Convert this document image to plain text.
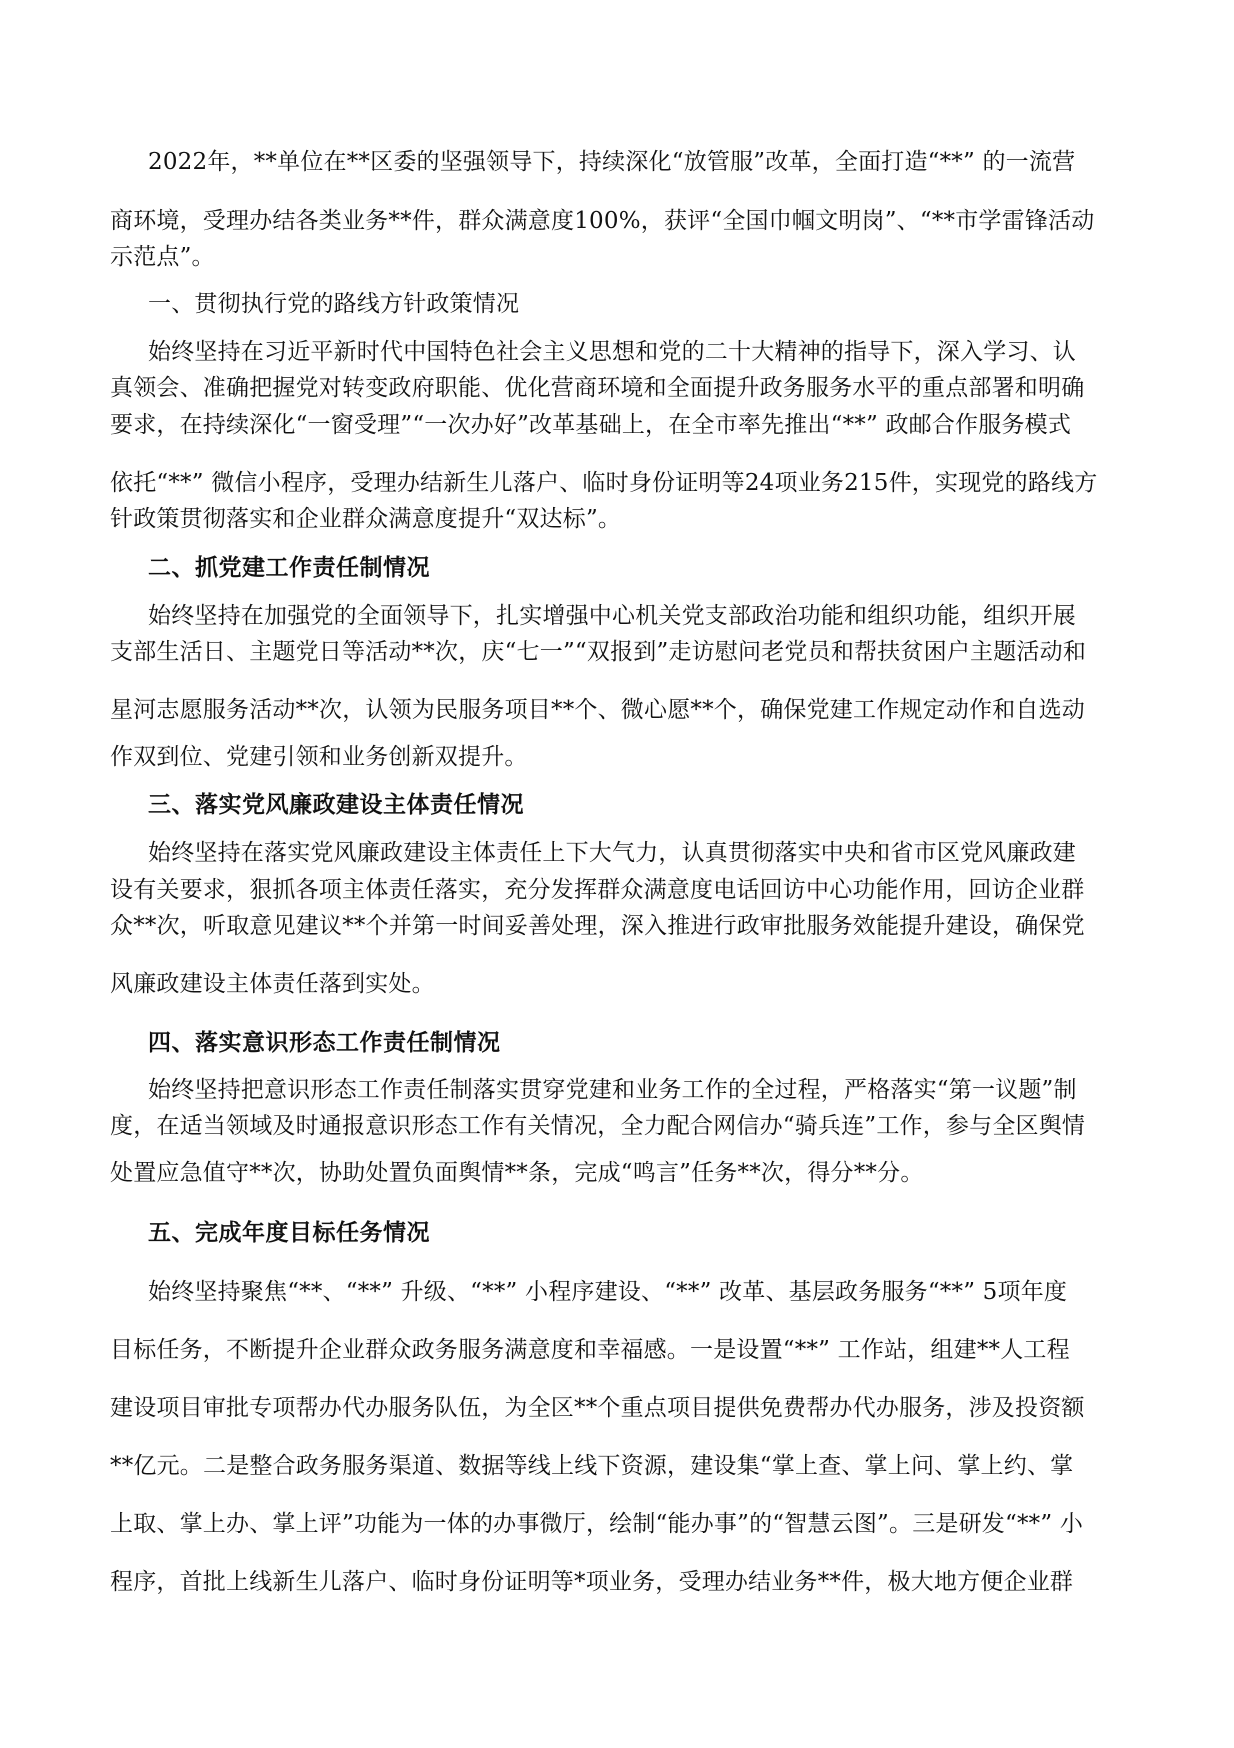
2022年，**单位在**区委的坚强领导下，持续深化“放管服”改革，全面打造“**” 的一流营
商环境，受理办结各类业务**件，群众满意度100%，获评“全国巾帼文明岗”、“**市学雷锋活动
示范点”。
一、贯彻执行党的路线方针政策情况
始终坚持在习近平新时代中国特色社会主义思想和党的二十大精神的指导下，深入学习、认
真领会、准确把握党对转变政府职能、优化营商环境和全面提升政务服务水平的重点部署和明确
要求，在持续深化“一窗受理”“一次办好”改革基础上，在全市率先推出“**” 政邮合作服务模式
依托“**” 微信小程序，受理办结新生儿落户、临时身份证明等24项业务215件，实现党的路线方
针政策贯彻落实和企业群众满意度提升“双达标”。
二、抓党建工作责任制情况
始终坚持在加强党的全面领导下，扎实增强中心机关党支部政治功能和组织功能，组织开展
支部生活日、主题党日等活动**次，庆“七一”“双报到”走访慰问老党员和帮扶贫困户主题活动和
星河志愿服务活动**次，认领为民服务项目**个、微心愿**个，确保党建工作规定动作和自选动
作双到位、党建引领和业务创新双提升。
三、落实党风廉政建设主体责任情况
始终坚持在落实党风廉政建设主体责任上下大气力，认真贯彻落实中央和省市区党风廉政建
设有关要求，狠抓各项主体责任落实，充分发挥群众满意度电话回访中心功能作用，回访企业群
众**次，听取意见建议**个并第一时间妥善处理，深入推进行政审批服务效能提升建设，确保党
风廉政建设主体责任落到实处。
四、落实意识形态工作责任制情况
始终坚持把意识形态工作责任制落实贯穿党建和业务工作的全过程，严格落实“第一议题”制
度，在适当领域及时通报意识形态工作有关情况，全力配合网信办“骑兵连”工作，参与全区舆情
处置应急值守**次，协助处置负面舆情**条，完成“鸣言”任务**次，得分**分。
五、完成年度目标任务情况
始终坚持聚焦“**、“**” 升级、“**” 小程序建设、“**” 改革、基层政务服务“**” 5项年度
目标任务，不断提升企业群众政务服务满意度和幸福感。一是设置“**” 工作站，组建**人工程
建设项目审批专项帮办代办服务队伍，为全区**个重点项目提供免费帮办代办服务，涉及投资额
**亿元。二是整合政务服务渠道、数据等线上线下资源，建设集“掌上查、掌上问、掌上约、掌
上取、掌上办、掌上评”功能为一体的办事微厅，绘制“能办事”的“智慧云图”。三是研发“**” 小
程序，首批上线新生儿落户、临时身份证明等*项业务，受理办结业务**件，极大地方便企业群
